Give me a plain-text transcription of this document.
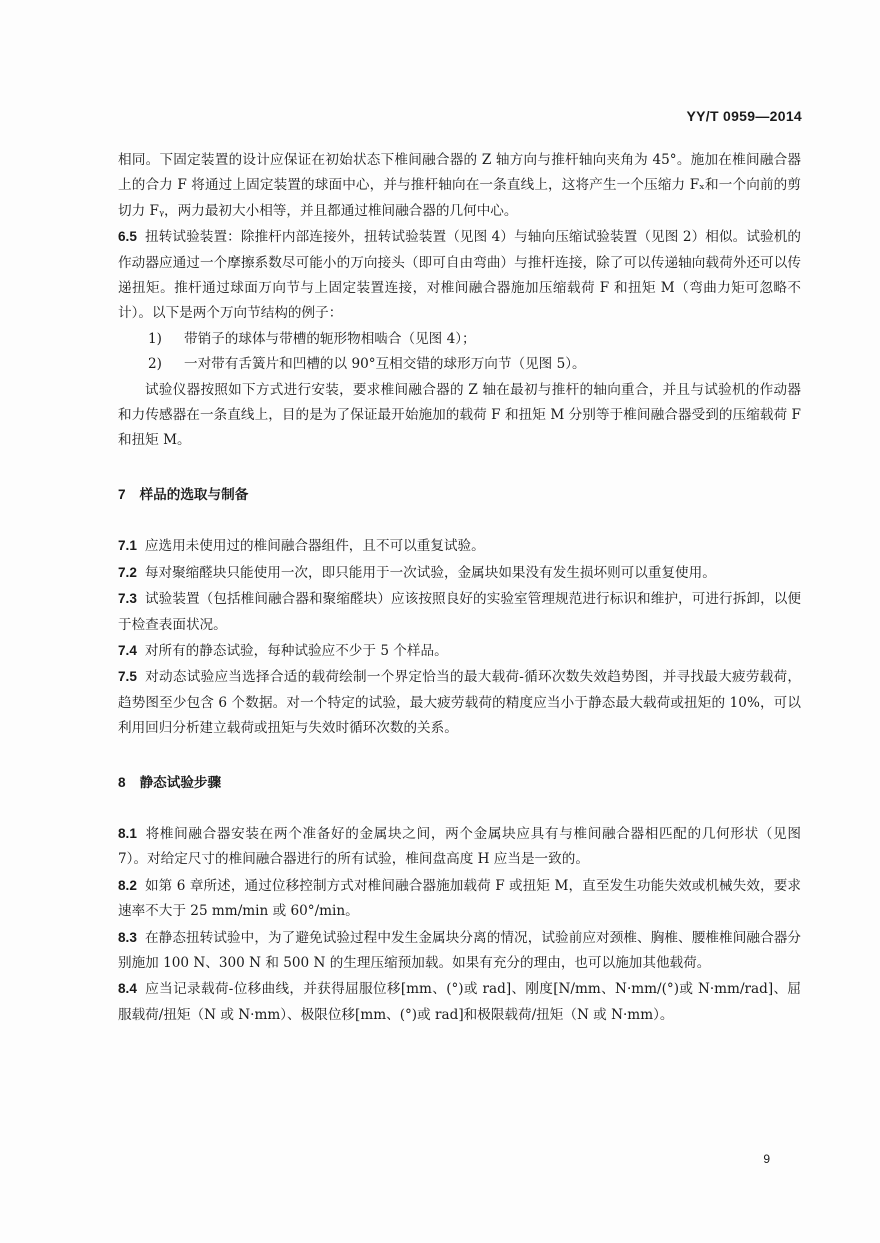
YY/T 0959—2014

相同。下固定装置的设计应保证在初始状态下椎间融合器的 Z 轴方向与推杆轴向夹角为 45°。施加在椎间融合器上的合力 F 将通过上固定装置的球面中心，并与推杆轴向在一条直线上，这将产生一个压缩力 Fₓ和一个向前的剪切力 Fᵧ，两力最初大小相等，并且都通过椎间融合器的几何中心。

6.5 扭转试验装置：除推杆内部连接外，扭转试验装置（见图 4）与轴向压缩试验装置（见图 2）相似。试验机的作动器应通过一个摩擦系数尽可能小的万向接头（即可自由弯曲）与推杆连接，除了可以传递轴向载荷外还可以传递扭矩。推杆通过球面万向节与上固定装置连接，对椎间融合器施加压缩载荷 F 和扭矩 M（弯曲力矩可忽略不计）。以下是两个万向节结构的例子：

1) 带销子的球体与带槽的轭形物相啮合（见图 4）；

2) 一对带有舌簧片和凹槽的以 90°互相交错的球形万向节（见图 5）。

试验仪器按照如下方式进行安装，要求椎间融合器的 Z 轴在最初与推杆的轴向重合，并且与试验机的作动器和力传感器在一条直线上，目的是为了保证最开始施加的载荷 F 和扭矩 M 分别等于椎间融合器受到的压缩载荷 F 和扭矩 M。

7 样品的选取与制备

7.1 应选用未使用过的椎间融合器组件，且不可以重复试验。

7.2 每对聚缩醛块只能使用一次，即只能用于一次试验，金属块如果没有发生损坏则可以重复使用。

7.3 试验装置（包括椎间融合器和聚缩醛块）应该按照良好的实验室管理规范进行标识和维护，可进行拆卸，以便于检查表面状况。

7.4 对所有的静态试验，每种试验应不少于 5 个样品。

7.5 对动态试验应当选择合适的载荷绘制一个界定恰当的最大载荷-循环次数失效趋势图，并寻找最大疲劳载荷，趋势图至少包含 6 个数据。对一个特定的试验，最大疲劳载荷的精度应当小于静态最大载荷或扭矩的 10%，可以利用回归分析建立载荷或扭矩与失效时循环次数的关系。

8 静态试验步骤

8.1 将椎间融合器安装在两个准备好的金属块之间，两个金属块应具有与椎间融合器相匹配的几何形状（见图 7）。对给定尺寸的椎间融合器进行的所有试验，椎间盘高度 H 应当是一致的。

8.2 如第 6 章所述，通过位移控制方式对椎间融合器施加载荷 F 或扭矩 M，直至发生功能失效或机械失效，要求速率不大于 25 mm/min 或 60°/min。

8.3 在静态扭转试验中，为了避免试验过程中发生金属块分离的情况，试验前应对颈椎、胸椎、腰椎椎间融合器分别施加 100 N、300 N 和 500 N 的生理压缩预加载。如果有充分的理由，也可以施加其他载荷。

8.4 应当记录载荷-位移曲线，并获得屈服位移[mm、(°)或 rad]、刚度[N/mm、N·mm/(°)或 N·mm/rad]、屈服载荷/扭矩（N 或 N·mm）、极限位移[mm、(°)或 rad]和极限载荷/扭矩（N 或 N·mm）。

9
